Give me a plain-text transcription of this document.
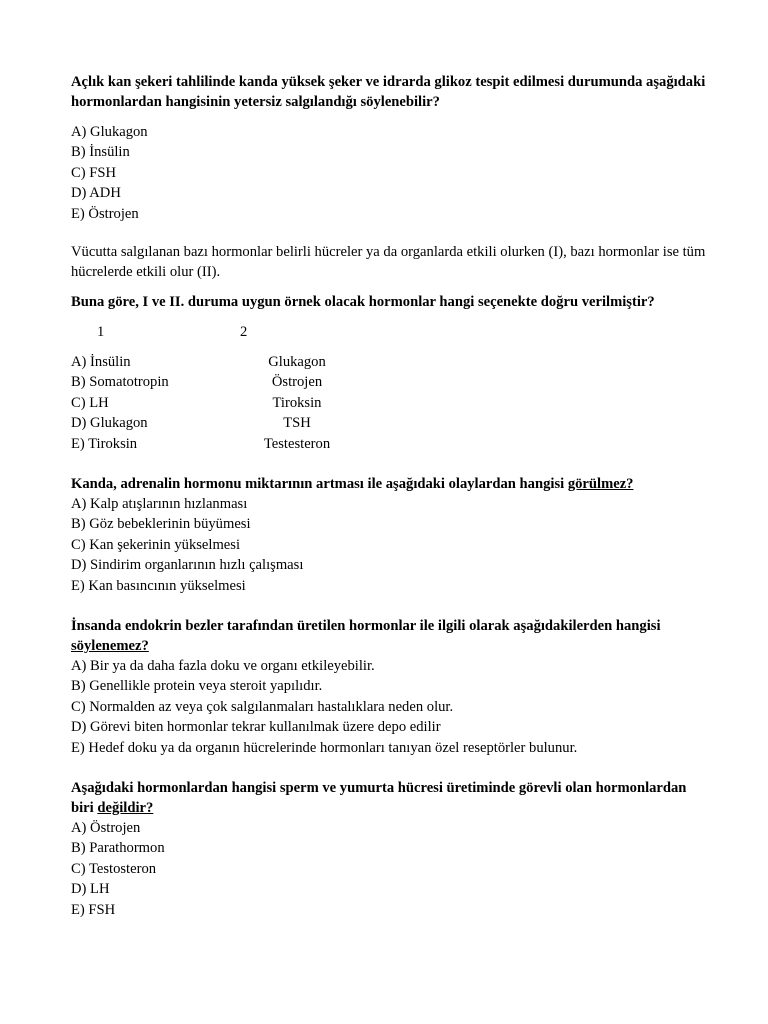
Açlık kan şekeri tahlilinde kanda yüksek şeker ve idrarda glikoz tespit edilmesi durumunda aşağıdaki hormonlardan hangisinin yetersiz salgılandığı söylenebilir?

A) Glukagon
B) İnsülin
C) FSH
D) ADH
E) Östrojen

Vücutta salgılanan bazı hormonlar belirli hücreler ya da organlarda etkili olurken (I), bazı hormonlar ise tüm hücrelerde etkili olur (II).

Buna göre, I ve II. duruma uygun örnek olacak hormonlar hangi seçenekte doğru verilmiştir?

1	2
A) İnsülin	Glukagon
B) Somatotropin	Östrojen
C) LH	Tiroksin
D) Glukagon	TSH
E) Tiroksin	Testesteron

Kanda, adrenalin hormonu miktarının artması ile aşağıdaki olaylardan hangisi görülmez?

A) Kalp atışlarının hızlanması
B) Göz bebeklerinin büyümesi
C) Kan şekerinin yükselmesi
D) Sindirim organlarının hızlı çalışması
E) Kan basıncının yükselmesi

İnsanda endokrin bezler tarafından üretilen hormonlar ile ilgili olarak aşağıdakilerden hangisi söylenemez?

A) Bir ya da daha fazla doku ve organı etkileyebilir.
B) Genellikle protein veya steroit yapılıdır.
C) Normalden az veya çok salgılanmaları hastalıklara neden olur.
D) Görevi biten hormonlar tekrar kullanılmak üzere depo edilir
E) Hedef doku ya da organın hücrelerinde hormonları tanıyan özel reseptörler bulunur.

Aşağıdaki hormonlardan hangisi sperm ve yumurta hücresi üretiminde görevli olan hormonlardan biri değildir?

A) Östrojen
B) Parathormon
C) Testosteron
D) LH
E) FSH
